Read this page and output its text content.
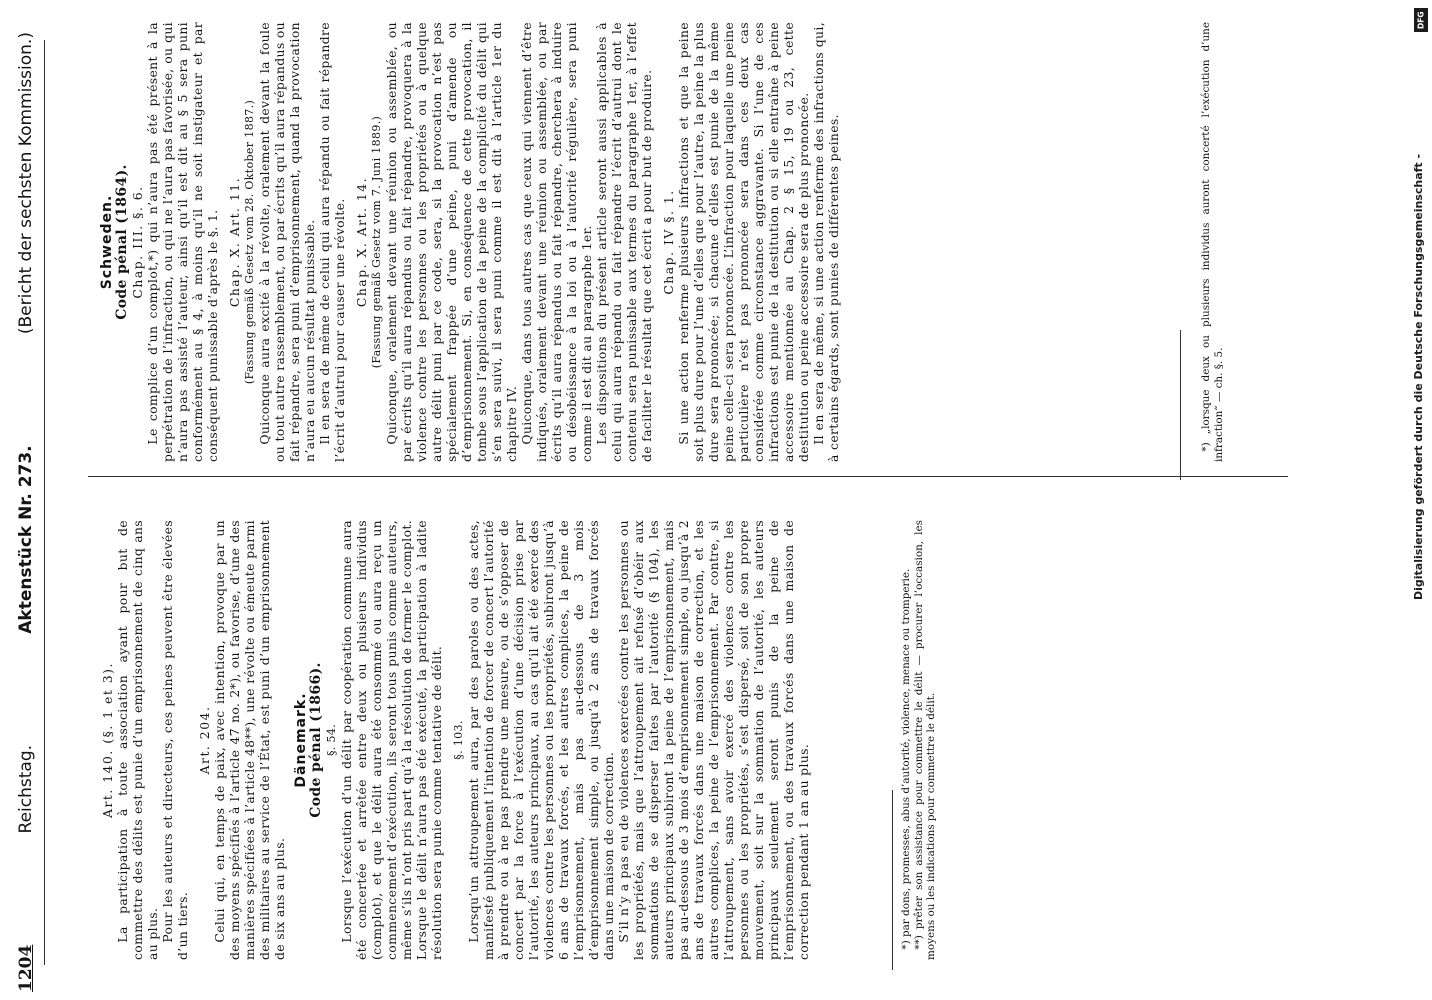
1204
Reichstag.
Aktenstück Nr. 273.
(Bericht der sechsten Kommission.)

Art. 140. (§. 1 et 3). La participation à toute association ayant pour but de commettre des délits est punie d’un emprisonnement de cinq ans au plus. Pour les auteurs et directeurs, ces peines peuvent être élevées d’un tiers.

Art. 204. Celui qui, en temps de paix, avec intention, provoque par un des moyens spécifiés à l’article 47 no. 2*), ou favorise, d’une des manières spécifiées à l’article 48**), une révolte ou émeute parmi des militaires au service de l’État, est puni d’un emprisonnement de six ans au plus.

Dänemark. Code pénal (1866). §. 54. Lorsque l’exécution d’un délit par coopération commune aura été concertée et arrêtée entre deux ou plusieurs individus (complot), et que le délit aura été consommé ou aura reçu un commencement d’exécution, ils seront tous punis comme auteurs, même s’ils n’ont pris part qu’à la résolution de former le complot. Lorsque le délit n’aura pas été exécuté, la participation à ladite résolution sera punie comme tentative de délit. §. 103. Lorsqu’un attroupement aura, par des paroles ou des actes, manifesté publiquement l’intention de forcer de concert l’autorité à prendre ou à ne pas prendre une mesure, ou de s’opposer de concert par la force à l’exécution d’une décision prise par l’autorité, les auteurs principaux, au cas qu’il ait été exercé des violences contre les personnes ou les propriétés, subiront jusqu’à 6 ans de travaux forcés, et les autres complices, la peine de l’emprisonnement, mais pas au-dessous de 3 mois d’emprisonnement simple, ou jusqu’à 2 ans de travaux forcés dans une maison de correction. S’il n’y a pas eu de violences exercées contre les personnes ou les propriétés, mais que l’attroupement ait refusé d’obéir aux sommations de se disperser faites par l’autorité (§ 104), les auteurs principaux subiront la peine de l’emprisonnement, mais pas au-dessous de 3 mois d’emprisonnement simple, ou jusqu’à 2 ans de travaux forcés dans une maison de correction, et les autres complices, la peine de l’emprisonnement. Par contre, si l’attroupement, sans avoir exercé des violences contre les personnes ou les propriétés, s’est dispersé, soit de son propre mouvement, soit sur la sommation de l’autorité, les auteurs principaux seulement seront punis de la peine de l’emprisonnement, ou des travaux forcés dans une maison de correction pendant 1 an au plus.	*) par dons, promesses, abus d’autorité, violence, menace ou tromperie. **) prêter son assistance pour commettre le délit — procurer l’occasion, les moyens ou les indications pour commettre le délit.

Schweden. Code pénal (1864). Chap. III. §. 6. Le complice d’un complot,*) qui n’aura pas été présent à la perpétration de l’infraction, ou qui ne l’aura pas favorisée, ou qui n’aura pas assisté l’auteur, ainsi qu’il est dit au § 5 sera puni conformément au § 4, à moins qu’il ne soit instigateur et par conséquent punissable d’après le §. 1. Chap. X. Art. 11. (Fassung gemäß Gesetz vom 28. Oktober 1887.) Quiconque aura excité à la révolte, oralement devant la foule ou tout autre rassemblement, ou par écrits qu’il aura répandus ou fait répandre, sera puni d’emprisonnement, quand la provocation n’aura eu aucun résultat punissable. Il en sera de même de celui qui aura répandu ou fait répandre l’écrit d’autrui pour causer une révolte. Chap. X. Art. 14. (Fassung gemäß Gesetz vom 7. Juni 1889.) Quiconque, oralement devant une réunion ou assemblée, ou par écrits qu’il aura répandus ou fait répandre, provoquera à la violence contre les personnes ou les propriétés ou à quelque autre délit puni par ce code, sera, si la provocation n’est pas spécialement frappée d’une peine, puni d’amende ou d’emprisonnement. Si, en conséquence de cette provocation, il tombe sous l’application de la peine de la complicité du délit qui s’en sera suivi, il sera puni comme il est dit à l’article 1er du chapitre IV. Quiconque, dans tous autres cas que ceux qui viennent d’être indiqués, oralement devant une réunion ou assemblée, ou par écrits qu’il aura répandus ou fait répandre, cherchera à induire ou désobéissance à la loi ou à l’autorité régulière, sera puni comme il est dit au paragraphe 1er. Les dispositions du présent article seront aussi applicables à celui qui aura répandu ou fait répandre l’écrit d’autrui dont le contenu sera punissable aux termes du paragraphe 1er, à l’effet de faciliter le résultat que cet écrit a pour but de produire. Chap. IV §. 1. Si une action renferme plusieurs infractions et que la peine soit plus dure pour l’une d’elles que pour l’autre, la peine la plus dure sera prononcée; si chacune d’elles est punie de la même peine celle-ci sera prononcée. L’infraction pour laquelle une peine particulière n’est pas prononcée sera dans ces deux cas considérée comme circonstance aggravante. Si l’une de ces infractions est punie de la destitution ou si elle entraîne à peine accessoire mentionnée au Chap. 2 § 15, 19 ou 23, cette destitution ou peine accessoire sera de plus prononcée. Il en sera de même, si une action renferme des infractions qui, à certains égards, sont punies de différentes peines.	*) „lorsque deux ou plusieurs individus auront concerté l’exécution d’une infraction“ — ch. §. 5.	Digitalisierung gefördert durch die Deutsche Forschungsgemeinschaft -
DFG
